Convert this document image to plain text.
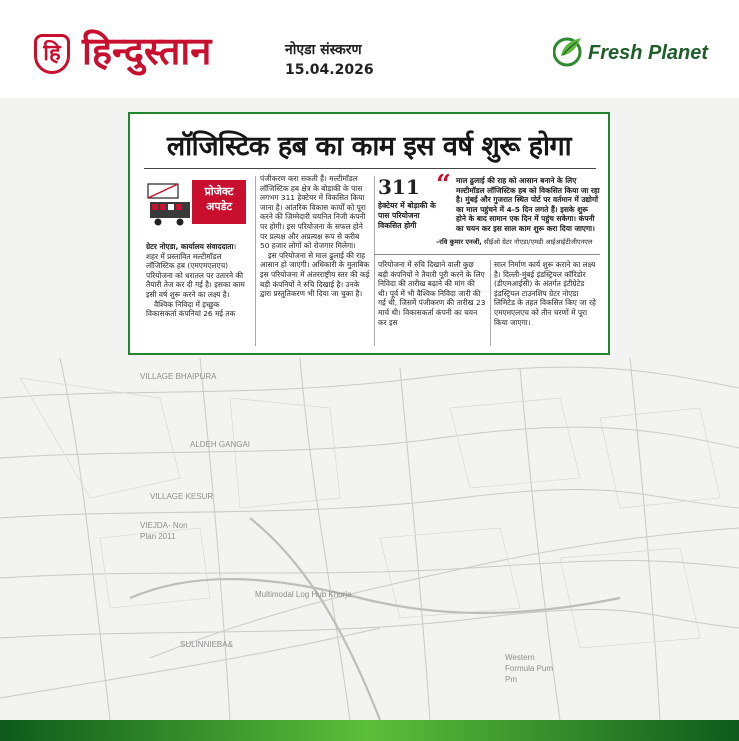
हि हिन्दुस्तान	नोएडा संस्करण
15.04.2026
Fresh Planet
VILLAGE BHAIPURA
ALDEH GANGAI
VILLAGE KESUR
VIEJDA- Non Plan 2011
Multimodal Log Hub Khurja
SULINNIEBA&
Western Formula Pum Pm
लॉजिस्टिक हब का काम इस वर्ष शुरू होगा
प्रोजेक्ट
अपडेट

ग्रेटर नोएडा, कार्यालय संवाददाता। शहर में प्रस्तावित मल्टीमॉडल लॉजिस्टिक हब (एमएमएलएच) परियोजना को धरातल पर उतारने की तैयारी तेज कर दी गई है। इसका काम इसी वर्ष शुरू करने का लक्ष्य है।

वैश्विक निविदा में इच्छुक विकासकर्ता कंपनियां 26 मई तक

पंजीकरण करा सकती हैं। मल्टीमॉडल लॉजिस्टिक हब क्षेत्र के बोड़ाकी के पास लगभग 311 हेक्टेयर में विकसित किया जाना है। आंतरिक विकास कार्यों को पूरा करने की जिम्मेदारी चयनित निजी कंपनी पर होगी। इस परियोजना के सफल होने पर प्रत्यक्ष और अप्रत्यक्ष रूप से करीब 50 हजार लोगों को रोजगार मिलेगा।

इस परियोजना से माल ढुलाई की राह आसान हो जाएगी। अधिकारी के मुताबिक इस परियोजना में अंतरराष्ट्रीय स्तर की कई बड़ी कंपनियों ने रुचि दिखाई है। उनके द्वारा प्रस्तुतिकरण भी दिया जा चुका है।

311
हेक्टेयर में बोड़ाकी के पास परियोजना विकसित होगी
“ माल ढुलाई की राह को आसान बनाने के लिए मल्टीमॉडल लॉजिस्टिक हब को विकसित किया जा रहा है। मुंबई और गुजरात स्थित पोर्ट पर वर्तमान में उद्योगों का माल पहुंचने में 4-5 दिन लगते हैं। इसके शुरू होने के बाद सामान एक दिन में पहुंच सकेगा। कंपनी का चयन कर इस साल काम शुरू करा दिया जाएगा।
–रवि कुमार एनजी, सीईओ ग्रेटर नोएडा/एमडी आईआईटीजीएनएल

परियोजना में रुचि दिखाने वाली कुछ बड़ी कंपनियों ने तैयारी पूरी करने के लिए निविदा की तारीख बढ़ाने की मांग की थी। पूर्व में भी वैश्विक निविदा जारी की गई थी, जिसमें पंजीकरण की तारीख 23 मार्च थी। विकासकर्ता कंपनी का चयन कर इस

साल निर्माण कार्य शुरू कराने का लक्ष्य है। दिल्ली-मुंबई इंडस्ट्रियल कॉरिडोर (डीएमआईसी) के अंतर्गत इंटीग्रेटेड इंडस्ट्रियल टाउनशिप ग्रेटर नोएडा लिमिटेड के तहत विकसित किए जा रहे एमएमएलएच को तीन चरणों में पूरा किया जाएगा।
